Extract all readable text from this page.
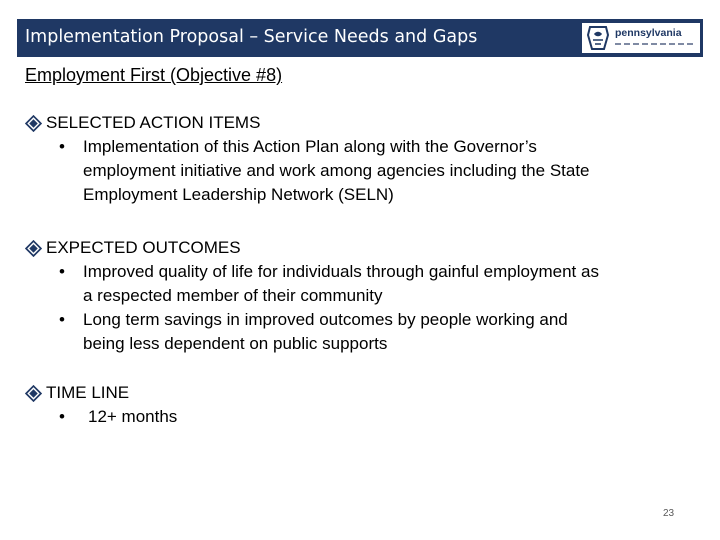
Implementation Proposal – Service Needs and Gaps	pennsylvania
Employment First (Objective #8)
SELECTED ACTION ITEMS
• Implementation of this Action Plan along with the Governor’s
employment initiative and work among agencies including the State
Employment Leadership Network (SELN)
EXPECTED OUTCOMES
• Improved quality of life for individuals through gainful employment as
a respected member of their community
• Long term savings in improved outcomes by people working and
being less dependent on public supports
TIME LINE
• 12+ months
23
